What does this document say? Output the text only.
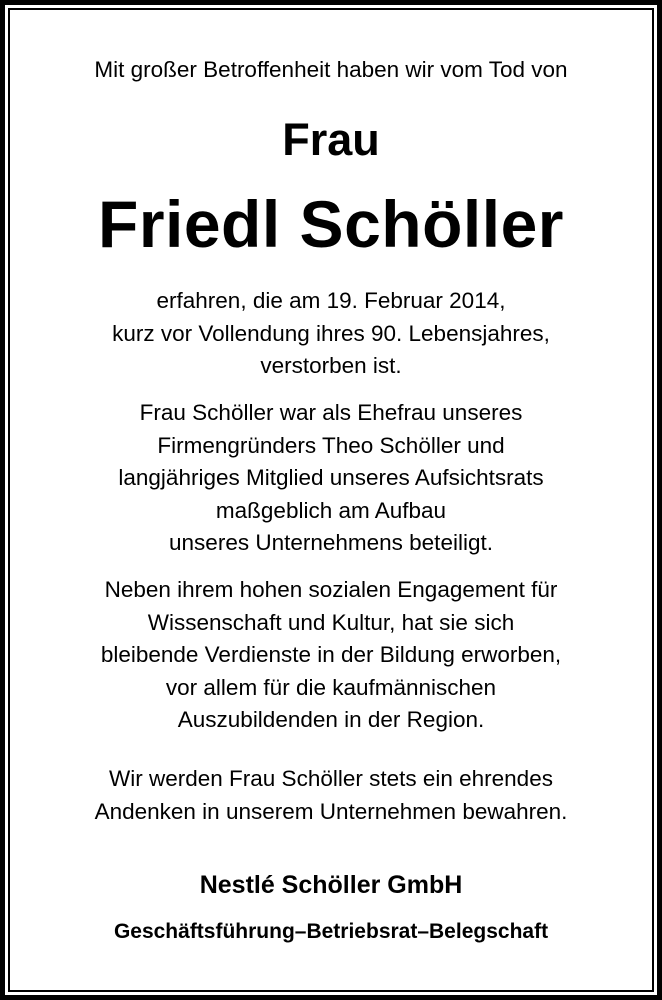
Mit großer Betroffenheit haben wir vom Tod von
Frau
Friedl Schöller
erfahren, die am 19. Februar 2014,
kurz vor Vollendung ihres 90. Lebensjahres,
verstorben ist.
Frau Schöller war als Ehefrau unseres
Firmengründers Theo Schöller und
langjähriges Mitglied unseres Aufsichtsrats
maßgeblich am Aufbau
unseres Unternehmens beteiligt.
Neben ihrem hohen sozialen Engagement für
Wissenschaft und Kultur, hat sie sich
bleibende Verdienste in der Bildung erworben,
vor allem für die kaufmännischen
Auszubildenden in der Region.
Wir werden Frau Schöller stets ein ehrendes
Andenken in unserem Unternehmen bewahren.
Nestlé Schöller GmbH
Geschäftsführung–Betriebsrat–Belegschaft
